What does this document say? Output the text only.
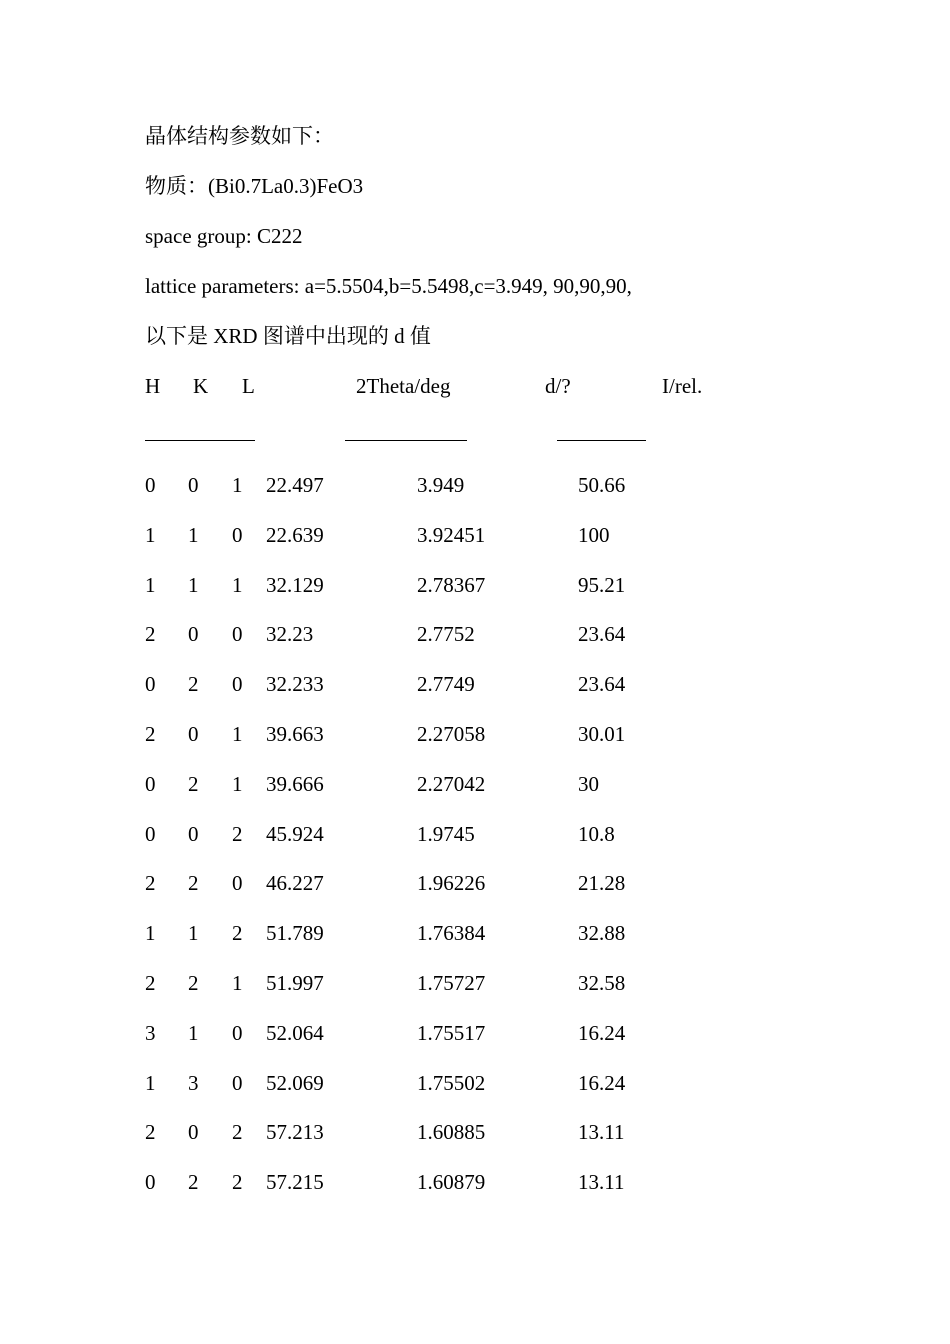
晶体结构参数如下：
物质：(Bi0.7La0.3)FeO3
space group: C222
lattice parameters: a=5.5504,b=5.5498,c=3.949, 90,90,90,
以下是 XRD 图谱中出现的 d 值
H K L	2Theta/deg	d/?	I/rel.
0 0 1 22.497	3.949	50.66
1 1 0 22.639	3.92451	100
1 1 1 32.129	2.78367	95.21
2 0 0 32.23	2.7752	23.64
0 2 0 32.233	2.7749	23.64
2 0 1 39.663	2.27058	30.01
0 2 1 39.666	2.27042	30
0 0 2 45.924	1.9745	10.8
2 2 0 46.227	1.96226	21.28
1 1 2 51.789	1.76384	32.88
2 2 1 51.997	1.75727	32.58
3 1 0 52.064	1.75517	16.24
1 3 0 52.069	1.75502	16.24
2 0 2 57.213	1.60885	13.11
0 2 2 57.215	1.60879	13.11
